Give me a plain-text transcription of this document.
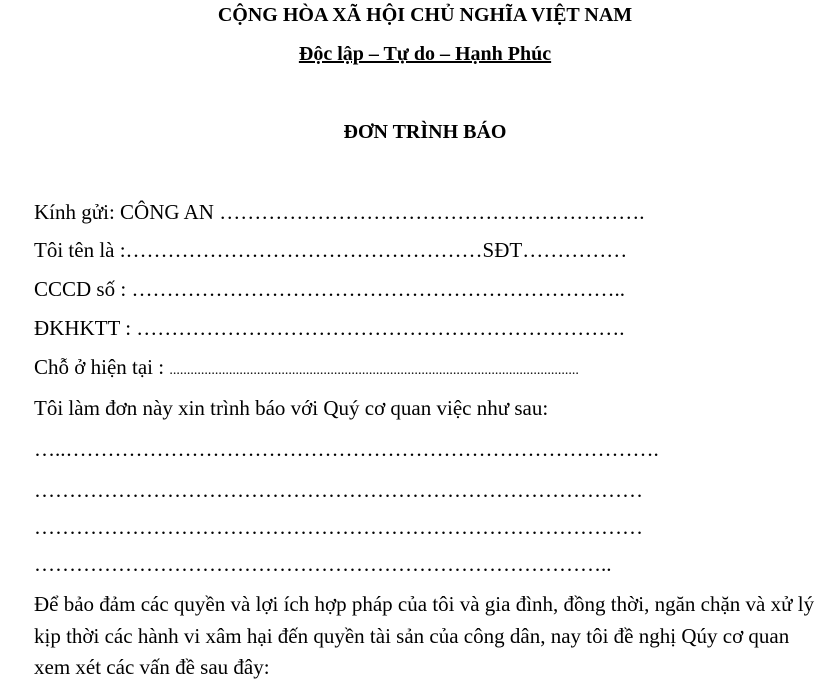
CỘNG HÒA XÃ HỘI CHỦ NGHĨA VIỆT NAM
Độc lập – Tự do – Hạnh Phúc
ĐƠN TRÌNH BÁO
Kính gửi: CÔNG AN …………………………………………………….
Tôi tên là :……………………………………………SĐT……………
CCCD số : ……………………………………………………………..
ĐKHKTT : …………………………………………………………….
Chỗ ở hiện tại : .....................................................................................................................
Tôi làm đơn này xin trình báo với Quý cơ quan việc như sau:
…..………………………………………………………………………….
……………………………………………………………………………
……………………………………………………………………………
………………………………………………………………………..
Để bảo đảm các quyền và lợi ích hợp pháp của tôi và gia đình, đồng thời, ngăn chặn và xử lý kịp thời các hành vi xâm hại đến quyền tài sản của công dân, nay tôi đề nghị Qúy cơ quan xem xét các vấn đề sau đây:
